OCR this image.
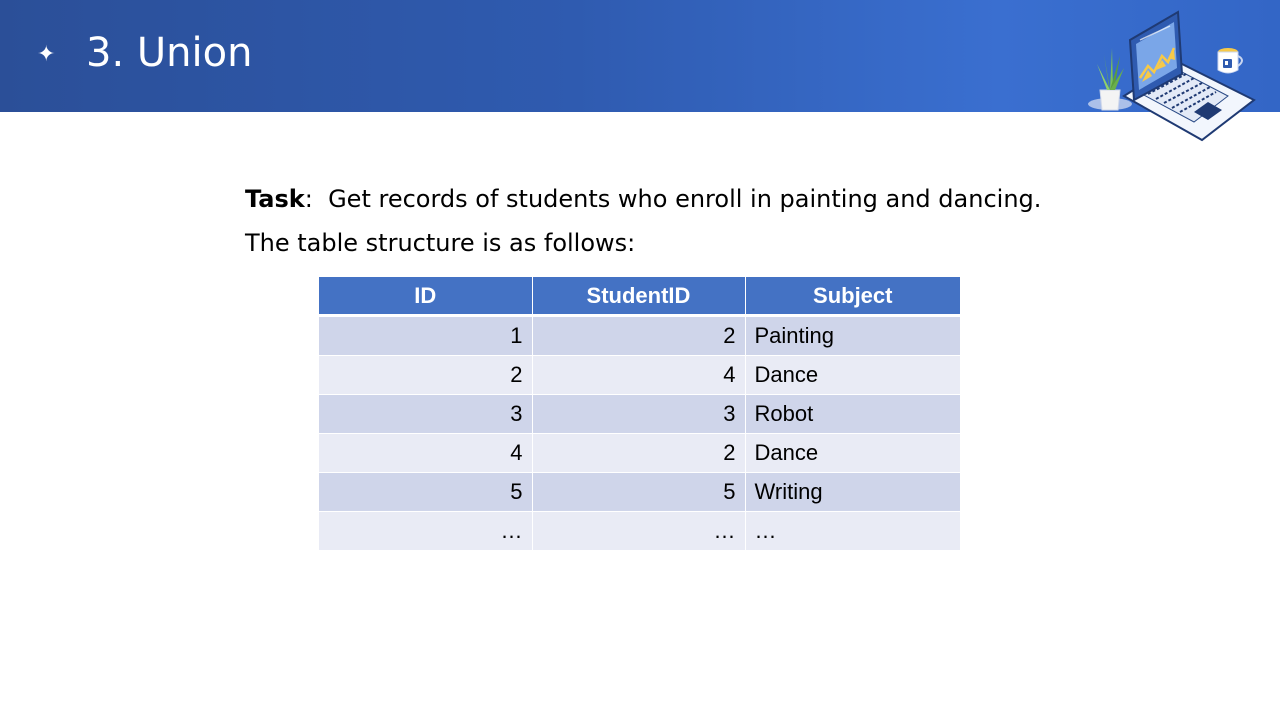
✦ 3. Union
Task: Get records of students who enroll in painting and dancing.
The table structure is as follows:
ID	StudentID	Subject
1	2	Painting
2	4	Dance
3	3	Robot
4	2	Dance
5	5	Writing
…	…	…
